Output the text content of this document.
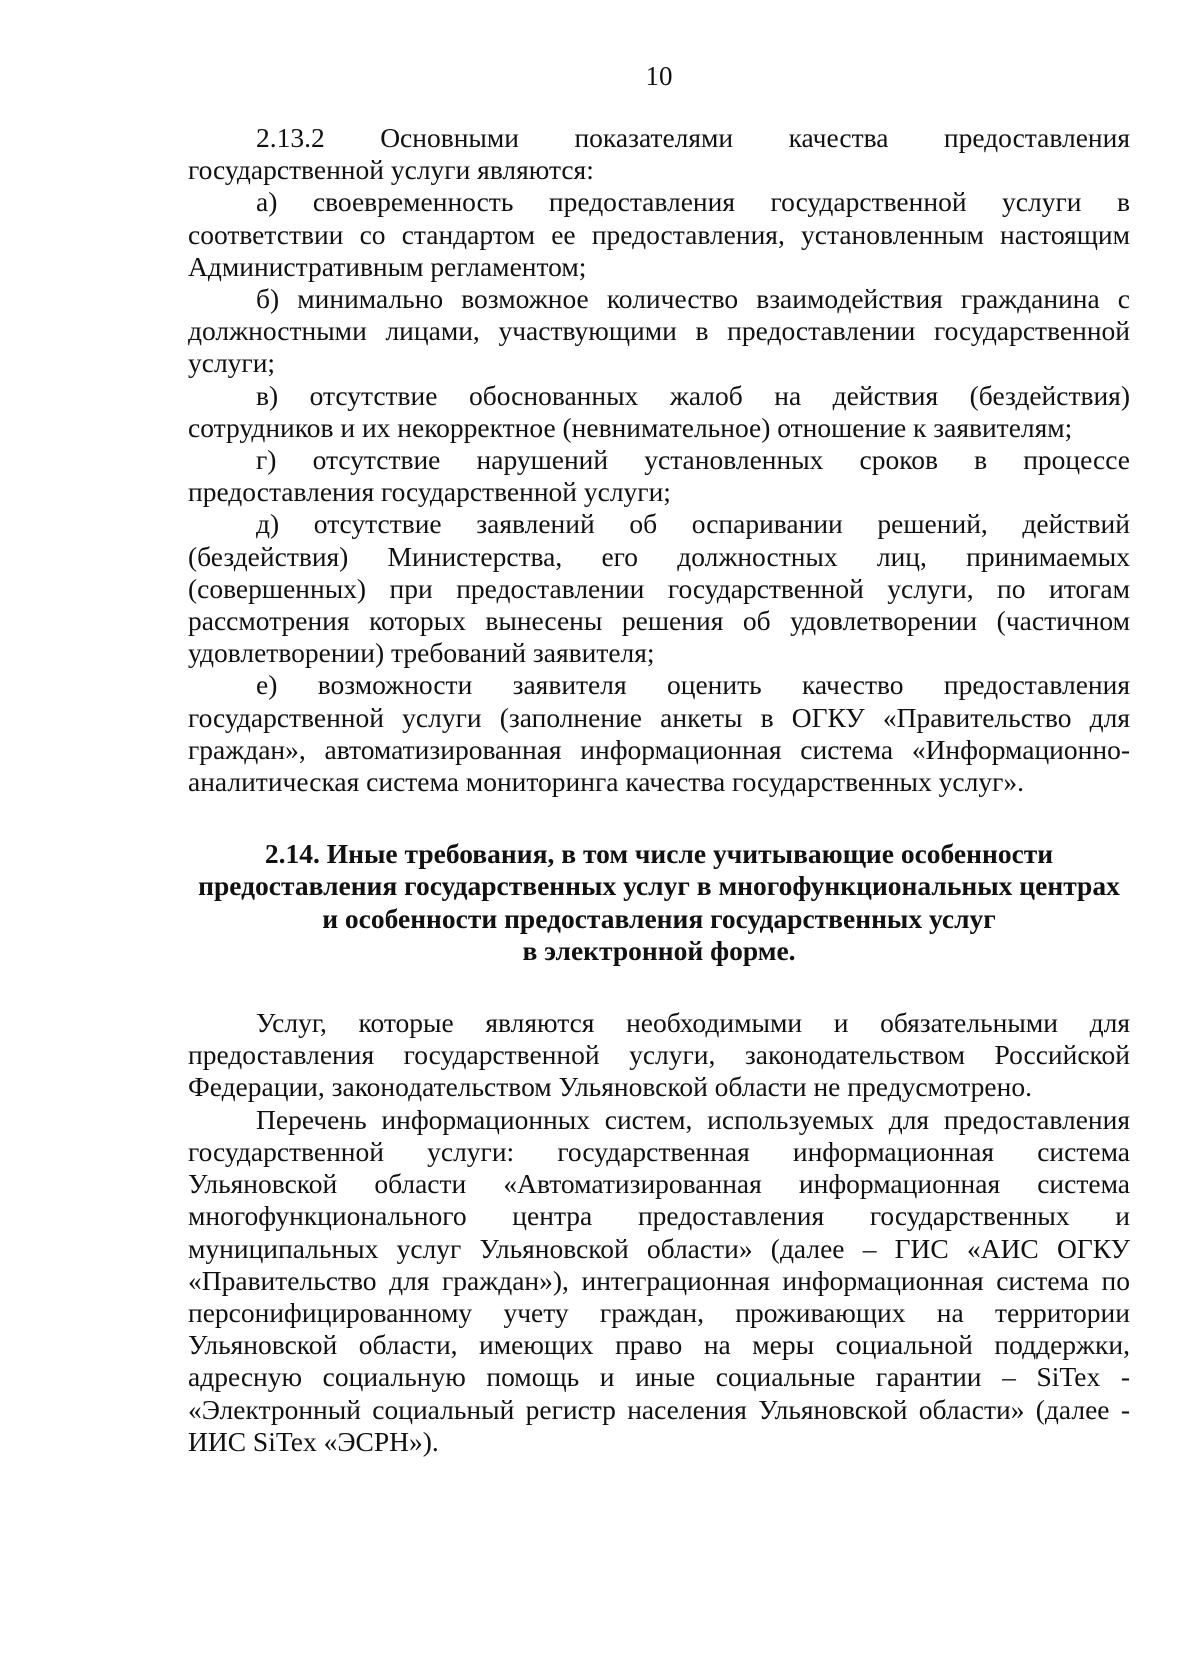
10

2.13.2 Основными показателями качества предоставления государственной услуги являются:

а) своевременность предоставления государственной услуги в соответствии со стандартом ее предоставления, установленным настоящим Административным регламентом;

б) минимально возможное количество взаимодействия гражданина с должностными лицами, участвующими в предоставлении государственной услуги;

в) отсутствие обоснованных жалоб на действия (бездействия) сотрудников и их некорректное (невнимательное) отношение к заявителям;

г) отсутствие нарушений установленных сроков в процессе предоставления государственной услуги;

д) отсутствие заявлений об оспаривании решений, действий (бездействия) Министерства, его должностных лиц, принимаемых (совершенных) при предоставлении государственной услуги, по итогам рассмотрения которых вынесены решения об удовлетворении (частичном удовлетворении) требований заявителя;

е) возможности заявителя оценить качество предоставления государственной услуги (заполнение анкеты в ОГКУ «Правительство для граждан», автоматизированная информационная система «Информационно-аналитическая система мониторинга качества государственных услуг».

2.14. Иные требования, в том числе учитывающие особенности
предоставления государственных услуг в многофункциональных центрах
и особенности предоставления государственных услуг
в электронной форме.

Услуг, которые являются необходимыми и обязательными для предоставления государственной услуги, законодательством Российской Федерации, законодательством Ульяновской области не предусмотрено.

Перечень информационных систем, используемых для предоставления государственной услуги: государственная информационная система Ульяновской области «Автоматизированная информационная система многофункционального центра предоставления государственных и муниципальных услуг Ульяновской области» (далее – ГИС «АИС ОГКУ «Правительство для граждан»), интеграционная информационная система по персонифицированному учету граждан, проживающих на территории Ульяновской области, имеющих право на меры социальной поддержки, адресную социальную помощь и иные социальные гарантии – SiTex - «Электронный социальный регистр населения Ульяновской области» (далее - ИИС SiTex «ЭСРН»).
